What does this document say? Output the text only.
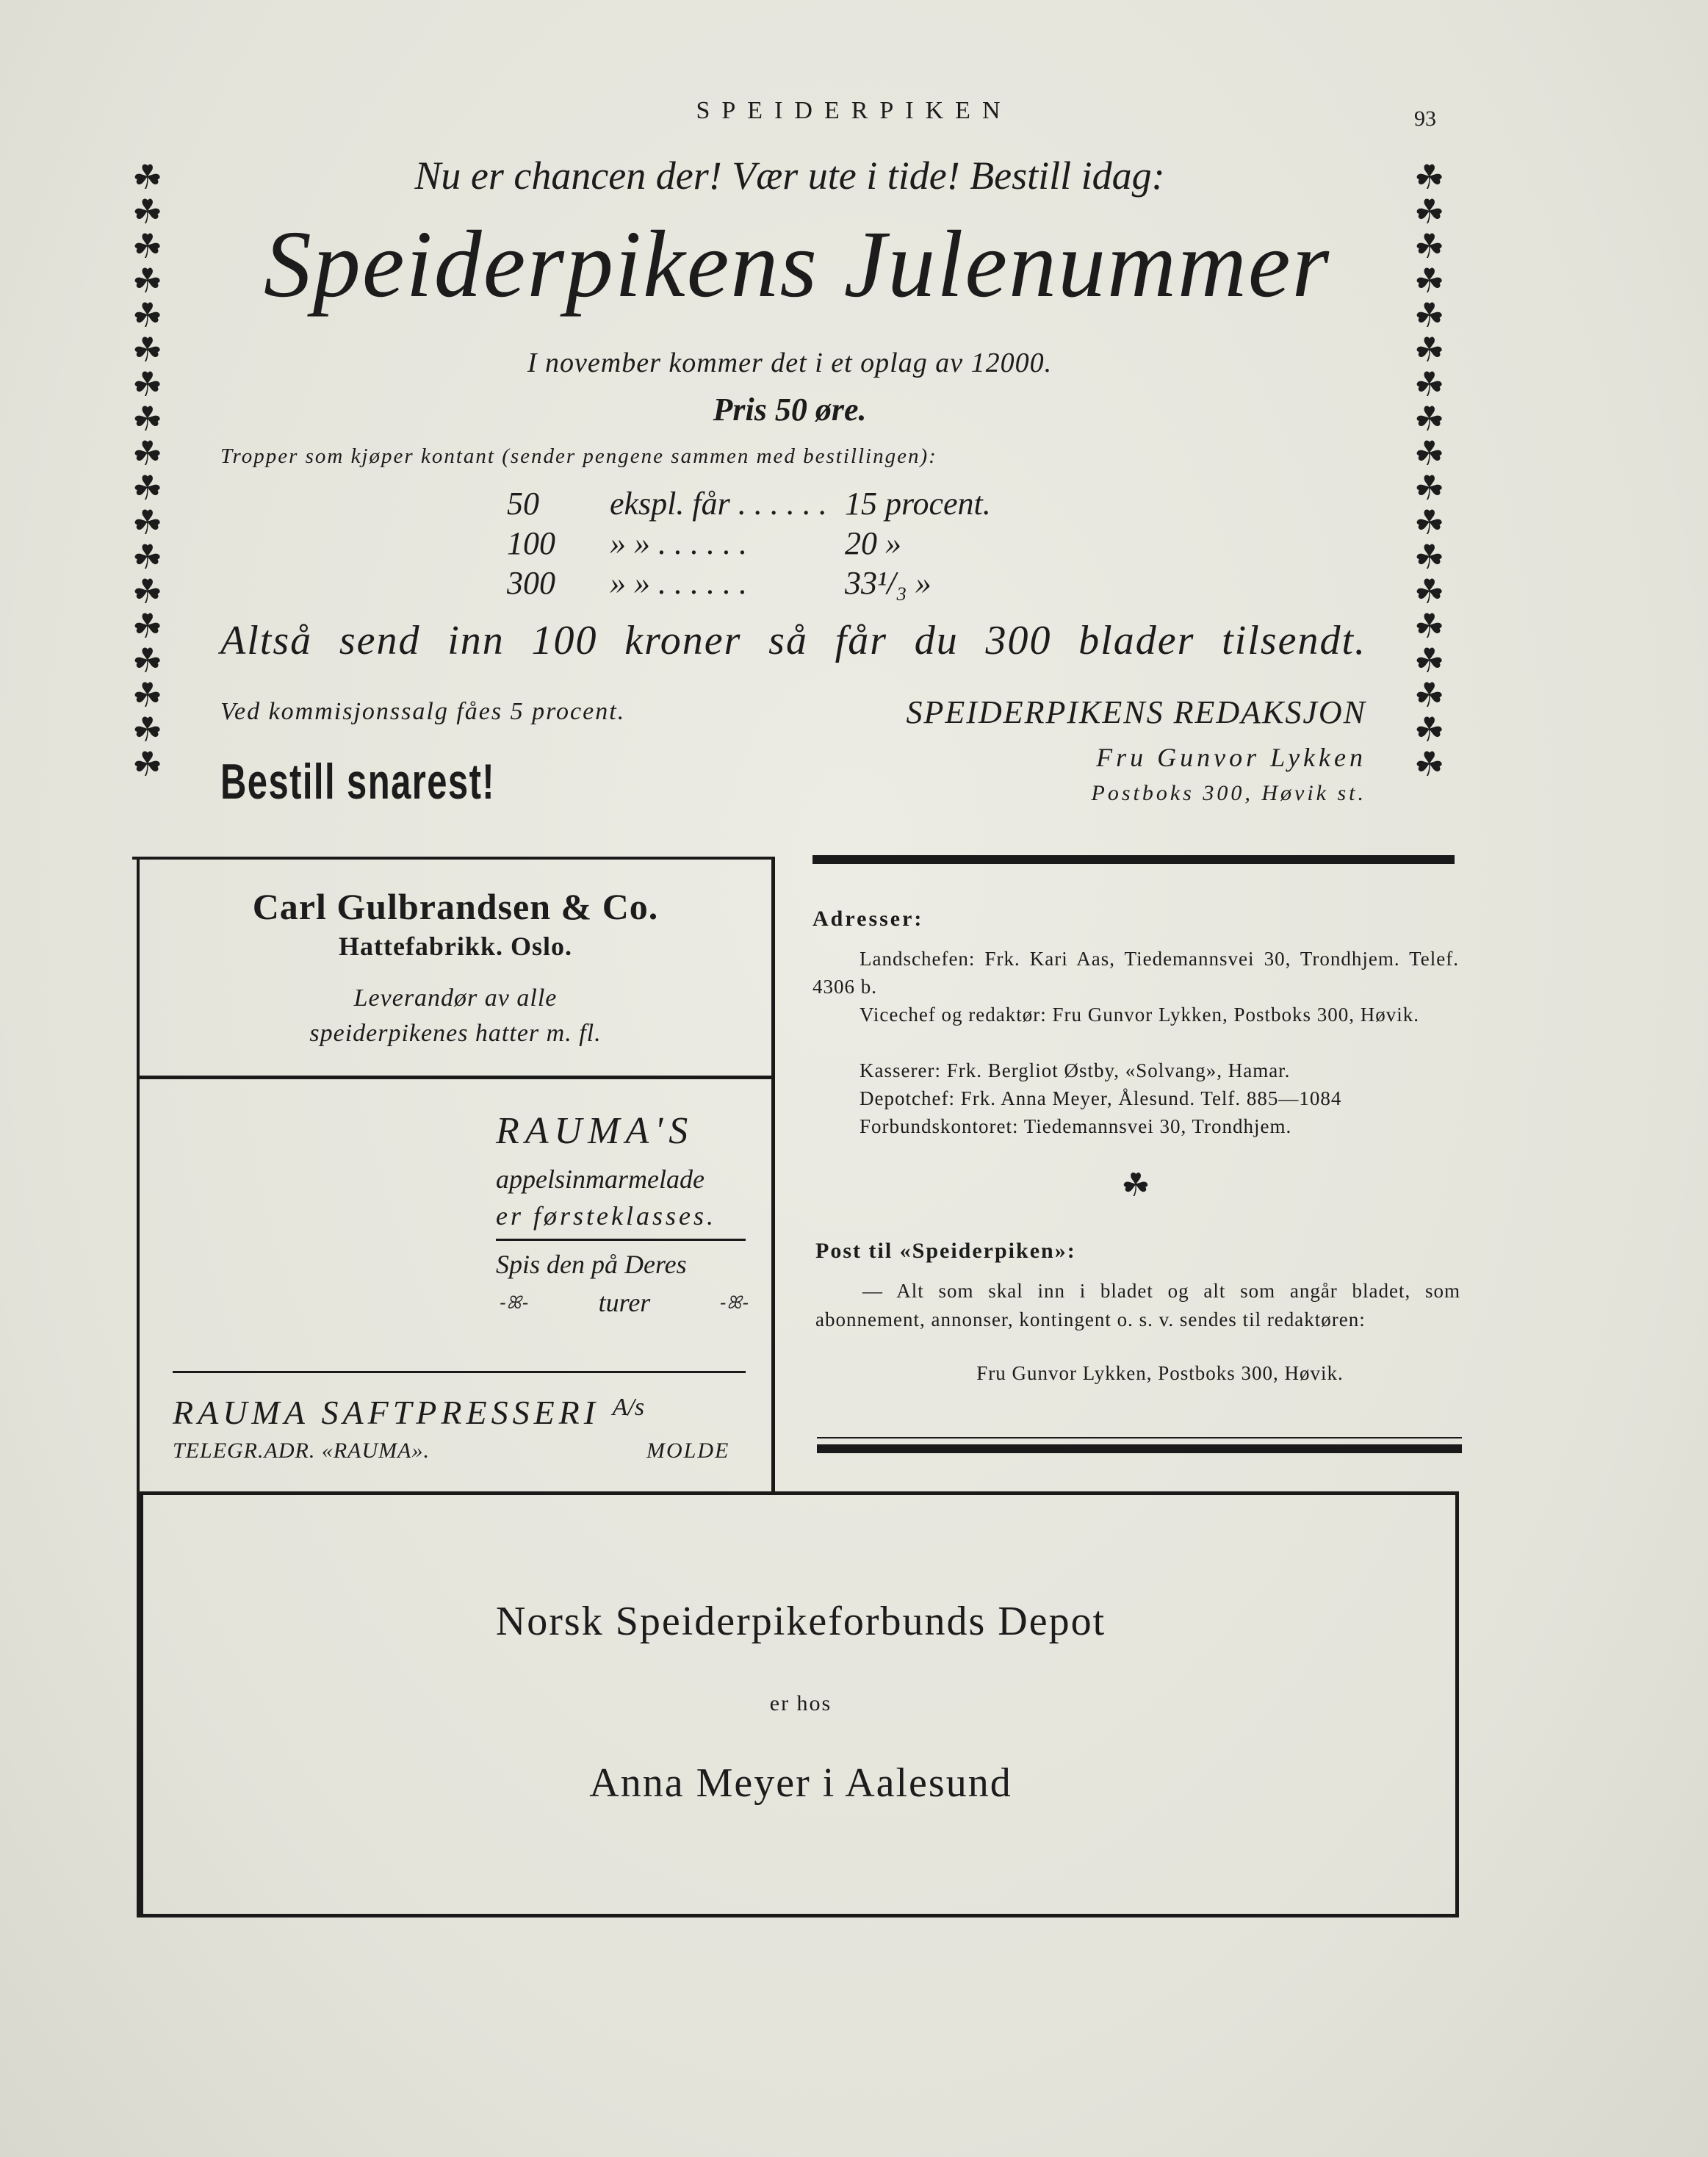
SPEIDERPIKEN	93
☘
☘
☘
☘
☘
☘
☘
☘
☘
☘
☘
☘
☘
☘
☘
☘
☘
☘
☘
☘
☘
☘
☘
☘
☘
☘
☘
☘
☘
☘
☘
☘
☘
☘
☘
☘
Nu er chancen der! Vær ute i tide! Bestill idag:
Speiderpikens Julenummer
I november kommer det i et oplag av 12000.
Pris 50 øre.
Tropper som kjøper kontant (sender pengene sammen med bestillingen):
50 ekspl. får . . . . . . 15 procent.
100 » » . . . . . .	20 »
300 » » . . . . . .	33¹/₃ »
Altså send inn 100 kroner så får du 300 blader tilsendt.
Ved kommisjonssalg fåes 5 procent.
Bestill snarest!
SPEIDERPIKENS REDAKSJON
Fru Gunvor Lykken
Postboks 300, Høvik st.
Carl Gulbrandsen & Co.
Hattefabrikk. Oslo.
Leverandør av alle
speiderpikenes hatter m. fl.
RAUMA'S
appelsinmarmelade
er førsteklasses.
Spis den på Deres
-ꕤ-	turer	-ꕤ-
RAUMA SAFTPRESSERI $^{A/s}$
TELEGR.ADR. «RAUMA».	MOLDE
Adresser:
Landschefen: Frk. Kari Aas, Tiedemannsvei 30, Trondhjem. Telef. 4306 b.
Vicechef og redaktør: Fru Gunvor Lykken, Postboks 300, Høvik.
Kasserer: Frk. Bergliot Østby, «Solvang», Hamar.
Depotchef: Frk. Anna Meyer, Ålesund. Telf. 885—1084
Forbundskontoret: Tiedemannsvei 30, Trondhjem.
☘
Post til «Speiderpiken»:
— Alt som skal inn i bladet og alt som angår bladet, som abonnement, annonser, kontingent o. s. v. sendes til redaktøren:
Fru Gunvor Lykken, Postboks 300, Høvik.
Norsk Speiderpikeforbunds Depot
er hos
Anna Meyer i Aalesund
